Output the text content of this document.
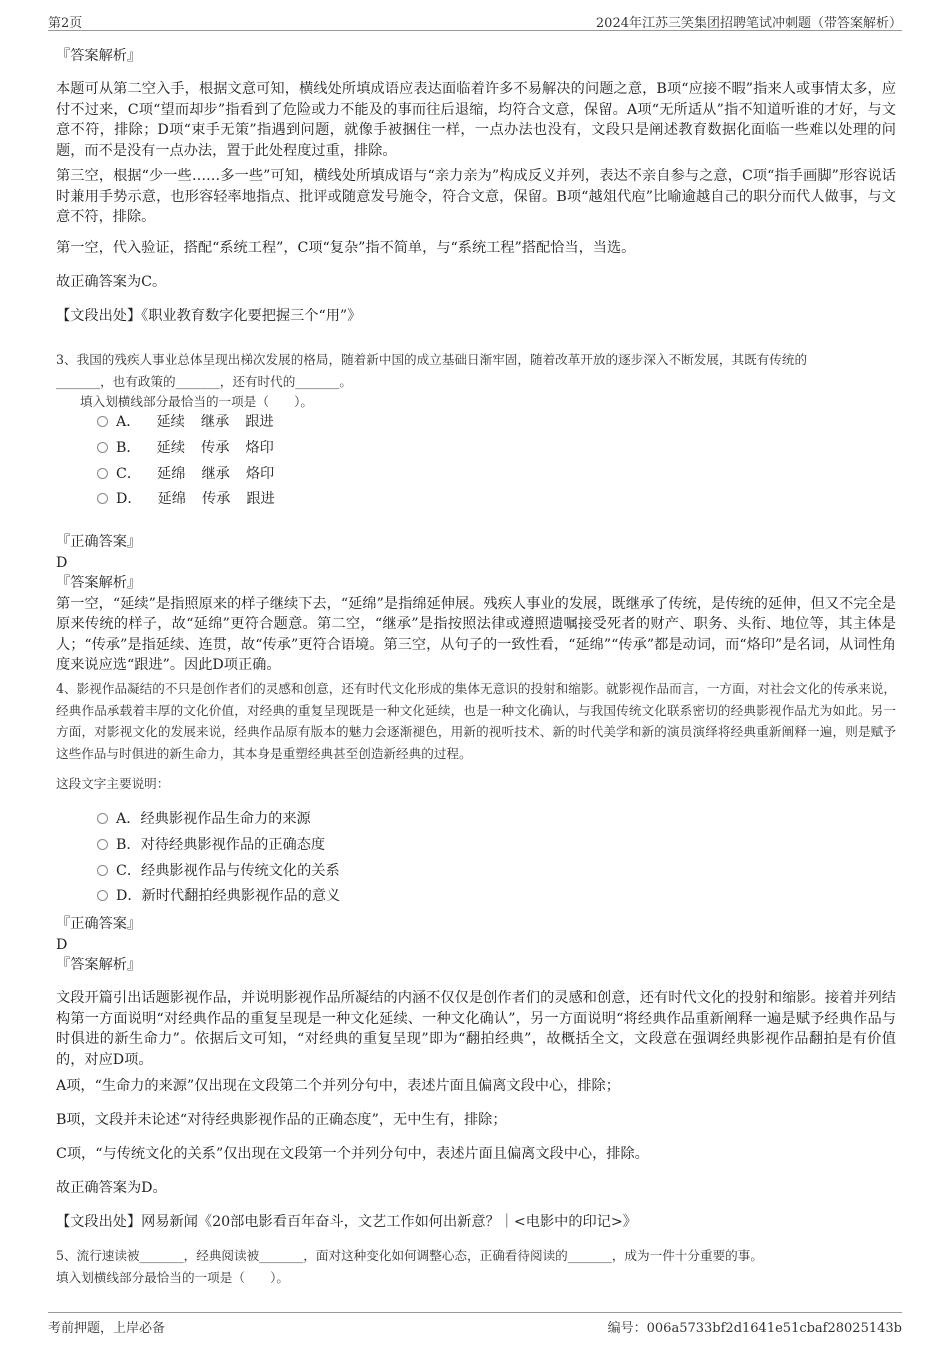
第2页	2024年江苏三笑集团招聘笔试冲刺题（带答案解析）

『答案解析』

本题可从第二空入手，根据文意可知，横线处所填成语应表达面临着许多不易解决的问题之意，B项“应接不暇”指来人或事情太多，应付不过来，C项“望而却步”指看到了危险或力不能及的事而往后退缩，均符合文意，保留。A项“无所适从”指不知道听谁的才好，与文意不符，排除；D项“束手无策”指遇到问题，就像手被捆住一样，一点办法也没有，文段只是阐述教育数据化面临一些难以处理的问题，而不是没有一点办法，置于此处程度过重，排除。

第三空，根据“少一些……多一些”可知，横线处所填成语与“亲力亲为”构成反义并列，表达不亲自参与之意，C项“指手画脚”形容说话时兼用手势示意，也形容轻率地指点、批评或随意发号施令，符合文意，保留。B项“越俎代庖”比喻逾越自己的职分而代人做事，与文意不符，排除。

第一空，代入验证，搭配“系统工程”，C项“复杂”指不简单，与“系统工程”搭配恰当，当选。

故正确答案为C。

【文段出处】《职业教育数字化要把握三个“用”》

3、我国的残疾人事业总体呈现出梯次发展的格局，随着新中国的成立基础日渐牢固，随着改革开放的逐步深入不断发展，其既有传统的

_______，也有政策的_______，还有时代的_______。

填入划横线部分最恰当的一项是（　　）。

A． 延续 继承 跟进
B． 延续 传承 烙印
C． 延绵 继承 烙印
D． 延绵 传承 跟进

『正确答案』

D

『答案解析』

第一空，“延续”是指照原来的样子继续下去，“延绵”是指绵延伸展。残疾人事业的发展，既继承了传统，是传统的延伸，但又不完全是原来传统的样子，故“延绵”更符合题意。第二空，“继承”是指按照法律或遵照遗嘱接受死者的财产、职务、头衔、地位等，其主体是人；“传承”是指延续、连贯，故“传承”更符合语境。第三空，从句子的一致性看，“延绵”“传承”都是动词，而“烙印”是名词，从词性角度来说应选“跟进”。因此D项正确。

4、影视作品凝结的不只是创作者们的灵感和创意，还有时代文化形成的集体无意识的投射和缩影。就影视作品而言，一方面，对社会文化的传承来说，经典作品承载着丰厚的文化价值，对经典的重复呈现既是一种文化延续，也是一种文化确认，与我国传统文化联系密切的经典影视作品尤为如此。另一方面，对影视文化的发展来说，经典作品原有版本的魅力会逐渐褪色，用新的视听技术、新的时代美学和新的演员演绎将经典重新阐释一遍，则是赋予这些作品与时俱进的新生命力，其本身是重塑经典甚至创造新经典的过程。

这段文字主要说明：

A．经典影视作品生命力的来源
B．对待经典影视作品的正确态度
C．经典影视作品与传统文化的关系
D．新时代翻拍经典影视作品的意义

『正确答案』

D

『答案解析』

文段开篇引出话题影视作品，并说明影视作品所凝结的内涵不仅仅是创作者们的灵感和创意，还有时代文化的投射和缩影。接着并列结构第一方面说明“对经典作品的重复呈现是一种文化延续、一种文化确认”，另一方面说明“将经典作品重新阐释一遍是赋予经典作品与时俱进的新生命力”。依据后文可知，“对经典的重复呈现”即为“翻拍经典”，故概括全文，文段意在强调经典影视作品翻拍是有价值的，对应D项。

A项，“生命力的来源”仅出现在文段第二个并列分句中，表述片面且偏离文段中心，排除；

B项，文段并未论述“对待经典影视作品的正确态度”，无中生有，排除；

C项，“与传统文化的关系”仅出现在文段第一个并列分句中，表述片面且偏离文段中心，排除。

故正确答案为D。

【文段出处】网易新闻《20部电影看百年奋斗，文艺工作如何出新意？｜<电影中的印记>》

5、流行速读被_______，经典阅读被_______，面对这种变化如何调整心态，正确看待阅读的_______，成为一件十分重要的事。

填入划横线部分最恰当的一项是（　　）。

考前押题，上岸必备	编号：006a5733bf2d1641e51cbaf28025143b
